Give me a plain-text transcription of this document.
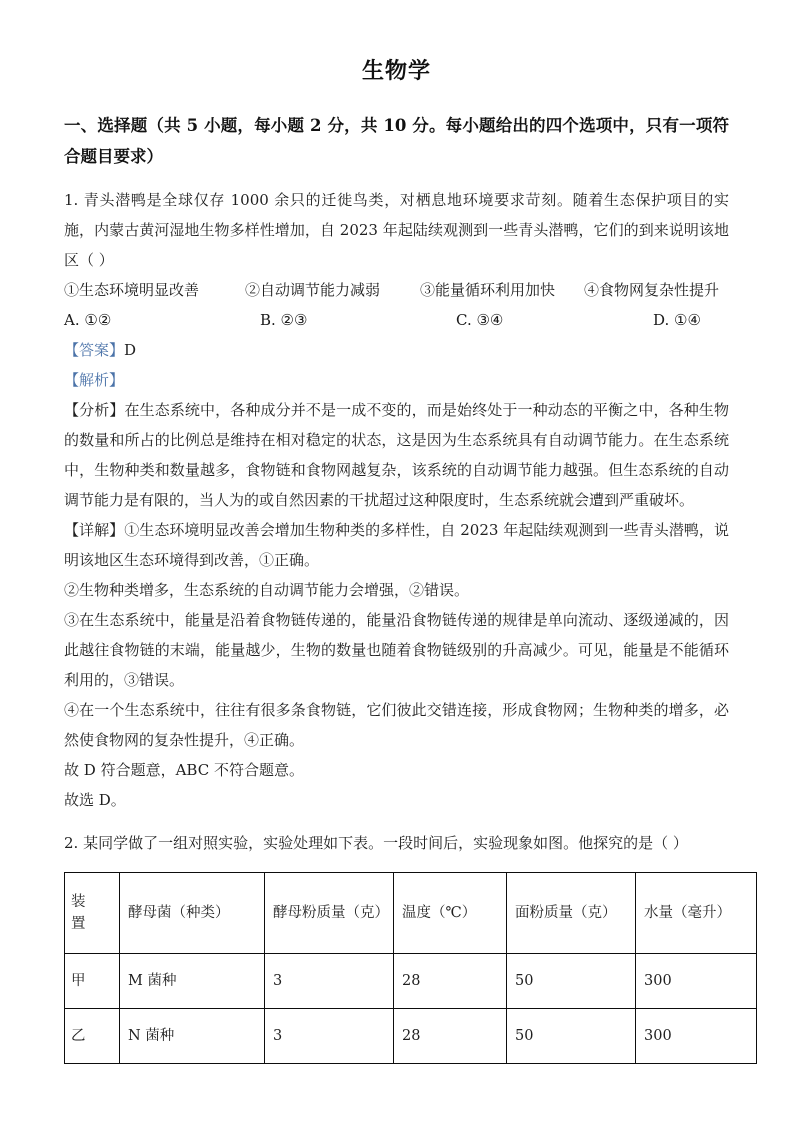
生物学
一、选择题（共 5 小题，每小题 2 分，共 10 分。每小题给出的四个选项中，只有一项符合题目要求）

1. 青头潜鸭是全球仅存 1000 余只的迁徙鸟类，对栖息地环境要求苛刻。随着生态保护项目的实施，内蒙古黄河湿地生物多样性增加，自 2023 年起陆续观测到一些青头潜鸭，它们的到来说明该地区（ ）

①生态环境明显改善	②自动调节能力减弱	③能量循环利用加快	④食物网复杂性提升
A. ①②	B. ②③	C. ③④	D. ①④

【答案】D

【解析】

【分析】在生态系统中，各种成分并不是一成不变的，而是始终处于一种动态的平衡之中，各种生物的数量和所占的比例总是维持在相对稳定的状态，这是因为生态系统具有自动调节能力。在生态系统中，生物种类和数量越多，食物链和食物网越复杂，该系统的自动调节能力越强。但生态系统的自动调节能力是有限的，当人为的或自然因素的干扰超过这种限度时，生态系统就会遭到严重破坏。

【详解】①生态环境明显改善会增加生物种类的多样性，自 2023 年起陆续观测到一些青头潜鸭，说明该地区生态环境得到改善，①正确。

②生物种类增多，生态系统的自动调节能力会增强，②错误。

③在生态系统中，能量是沿着食物链传递的，能量沿食物链传递的规律是单向流动、逐级递减的，因此越往食物链的末端，能量越少，生物的数量也随着食物链级别的升高减少。可见，能量是不能循环利用的，③错误。

④在一个生态系统中，往往有很多条食物链，它们彼此交错连接，形成食物网；生物种类的增多，必然使食物网的复杂性提升，④正确。

故 D 符合题意，ABC 不符合题意。

故选 D。

2. 某同学做了一组对照实验，实验处理如下表。一段时间后，实验现象如图。他探究的是（ ）

装置	酵母菌（种类）	酵母粉质量（克）	温度（℃）	面粉质量（克）	水量（毫升）
甲	M 菌种	3	28	50	300
乙	N 菌种	3	28	50	300
